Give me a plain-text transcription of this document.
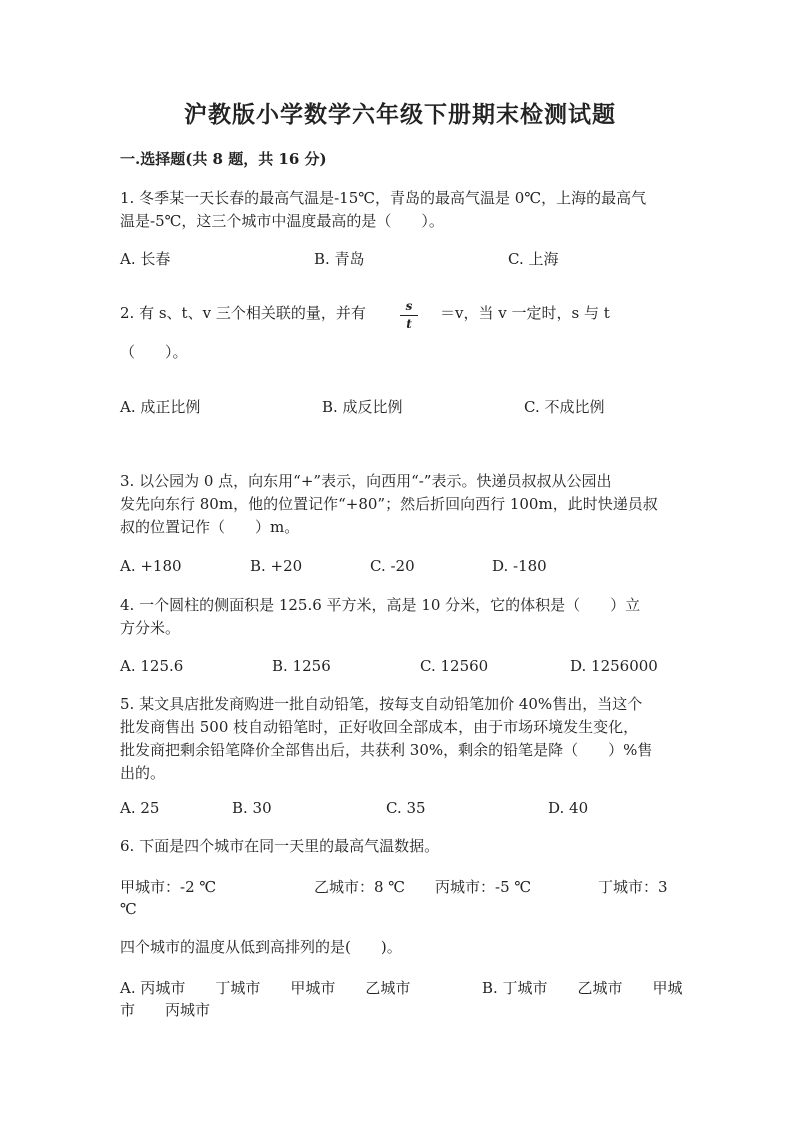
沪教版小学数学六年级下册期末检测试题
一.选择题(共 8 题，共 16 分)
1. 冬季某一天长春的最高气温是-15℃，青岛的最高气温是 0℃，上海的最高气
温是-5℃，这三个城市中温度最高的是（　　）。
A. 长春	B. 青岛	C. 上海
2. 有 s、t、v 三个相关联的量，并有	s
t
＝v，当 v 一定时，s 与 t
（　　）。
A. 成正比例	B. 成反比例	C. 不成比例
3. 以公园为 0 点，向东用“+”表示，向西用“-”表示。快递员叔叔从公园出
发先向东行 80m，他的位置记作“+80”；然后折回向西行 100m，此时快递员叔
叔的位置记作（　　）m。
A. +180	B. +20	C. -20	D. -180
4. 一个圆柱的侧面积是 125.6 平方米，高是 10 分米，它的体积是（　　）立
方分米。
A. 125.6	B. 1256	C. 12560	D. 1256000
5. 某文具店批发商购进一批自动铅笔，按每支自动铅笔加价 40%售出，当这个
批发商售出 500 枝自动铅笔时，正好收回全部成本，由于市场环境发生变化，
批发商把剩余铅笔降价全部售出后，共获利 30%，剩余的铅笔是降（　　）%售
出的。
A. 25	B. 30	C. 35	D. 40
6. 下面是四个城市在同一天里的最高气温数据。
甲城市：-2 ℃	乙城市：8 ℃ 丙城市：-5 ℃	丁城市：3
℃
四个城市的温度从低到高排列的是(　　)。
A. 丙城市　　丁城市　　甲城市　　乙城市	B. 丁城市　　乙城市　　甲城
市　　丙城市
